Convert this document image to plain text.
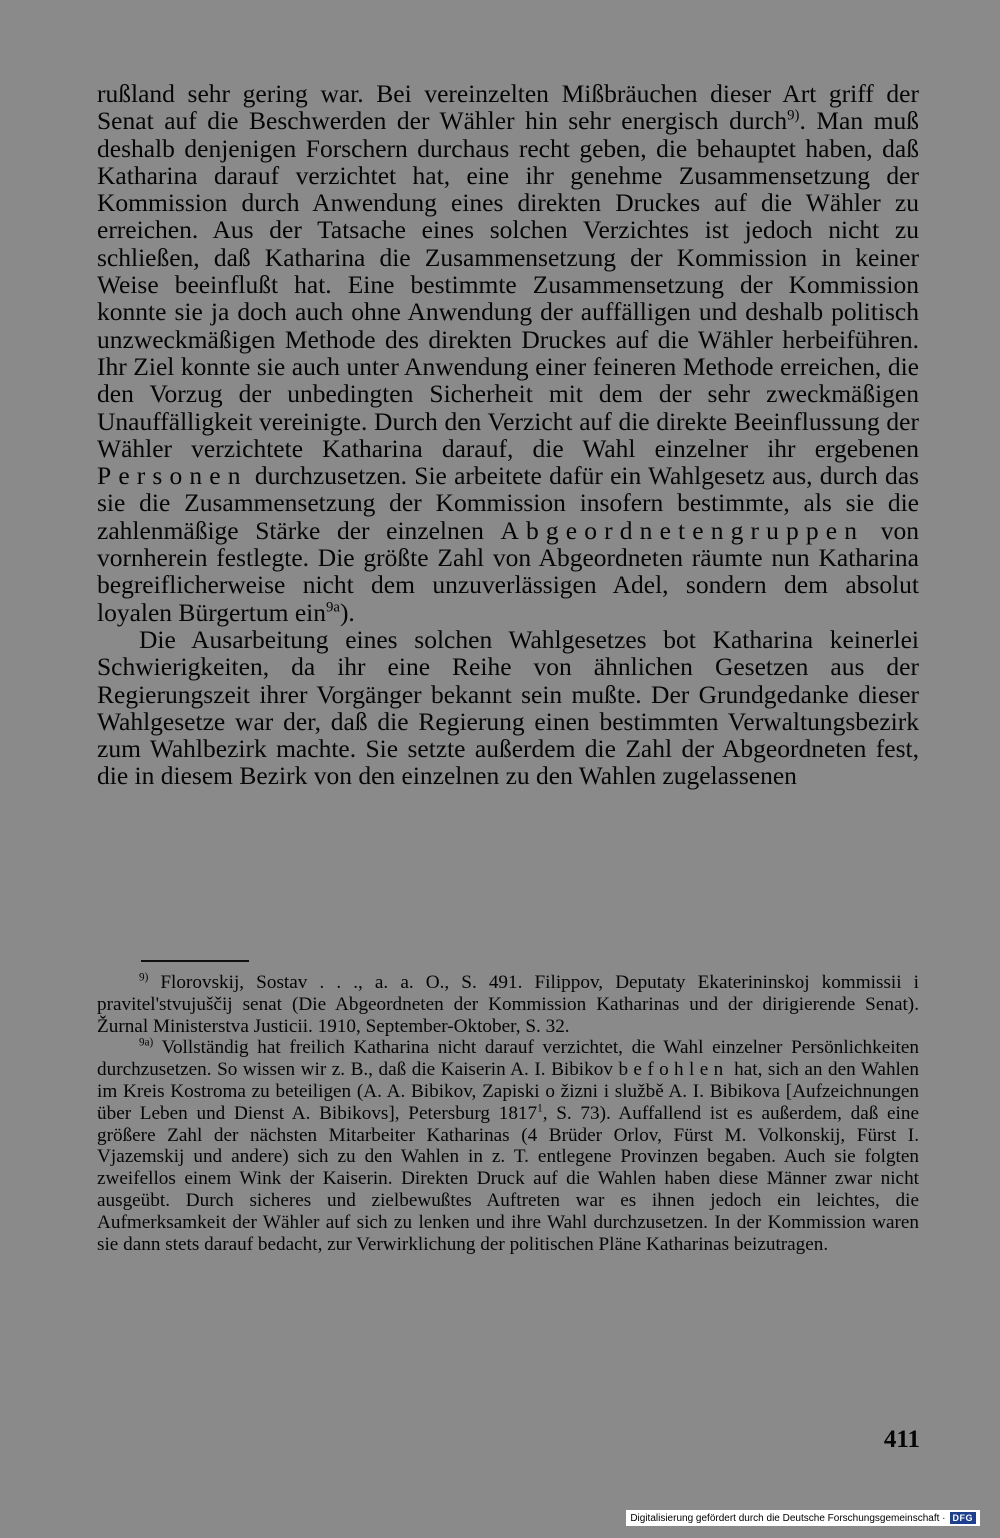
rußland sehr gering war. Bei vereinzelten Mißbräuchen dieser Art griff der Senat auf die Beschwerden der Wähler hin sehr energisch durch$^{9)}$. Man muß deshalb denjenigen Forschern durchaus recht geben, die behauptet haben, daß Katharina darauf verzichtet hat, eine ihr genehme Zusammensetzung der Kommission durch Anwendung eines direkten Druckes auf die Wähler zu erreichen. Aus der Tatsache eines solchen Verzichtes ist jedoch nicht zu schließen, daß Katharina die Zusammensetzung der Kommission in keiner Weise beeinflußt hat. Eine bestimmte Zusammensetzung der Kommission konnte sie ja doch auch ohne Anwendung der auffälligen und deshalb politisch unzweckmäßigen Methode des direkten Druckes auf die Wähler herbeiführen. Ihr Ziel konnte sie auch unter Anwendung einer feineren Methode erreichen, die den Vorzug der unbedingten Sicherheit mit dem der sehr zweckmäßigen Unauffälligkeit vereinigte. Durch den Verzicht auf die direkte Beeinflussung der Wähler verzichtete Katharina darauf, die Wahl einzelner ihr ergebenen Personen durchzusetzen. Sie arbeitete dafür ein Wahlgesetz aus, durch das sie die Zusammensetzung der Kommission insofern bestimmte, als sie die zahlenmäßige Stärke der einzelnen Abgeordnetengruppen von vornherein festlegte. Die größte Zahl von Abgeordneten räumte nun Katharina begreiflicherweise nicht dem unzuverlässigen Adel, sondern dem absolut loyalen Bürgertum ein$^{9a}$).

Die Ausarbeitung eines solchen Wahlgesetzes bot Katharina keinerlei Schwierigkeiten, da ihr eine Reihe von ähnlichen Gesetzen aus der Regierungszeit ihrer Vorgänger bekannt sein mußte. Der Grundgedanke dieser Wahlgesetze war der, daß die Regierung einen bestimmten Verwaltungsbezirk zum Wahlbezirk machte. Sie setzte außerdem die Zahl der Abgeordneten fest, die in diesem Bezirk von den einzelnen zu den Wahlen zugelassenen

$^{9)}$ Florovskij, Sostav . . ., a. a. O., S. 491. Filippov, Deputaty Ekaterininskoj kommissii i pravitel'stvujuščij senat (Die Abgeordneten der Kommission Katharinas und der dirigierende Senat). Žurnal Ministerstva Justicii. 1910, September-Oktober, S. 32.

$^{9a)}$ Vollständig hat freilich Katharina nicht darauf verzichtet, die Wahl einzelner Persönlichkeiten durchzusetzen. So wissen wir z. B., daß die Kaiserin A. I. Bibikov befohlen hat, sich an den Wahlen im Kreis Kostroma zu beteiligen (A. A. Bibikov, Zapiski o žizni i službě A. I. Bibikova [Aufzeichnungen über Leben und Dienst A. Bibikovs], Petersburg 1817$^1$, S. 73). Auffallend ist es außerdem, daß eine größere Zahl der nächsten Mitarbeiter Katharinas (4 Brüder Orlov, Fürst M. Volkonskij, Fürst I. Vjazemskij und andere) sich zu den Wahlen in z. T. entlegene Provinzen begaben. Auch sie folgten zweifellos einem Wink der Kaiserin. Direkten Druck auf die Wahlen haben diese Männer zwar nicht ausgeübt. Durch sicheres und zielbewußtes Auftreten war es ihnen jedoch ein leichtes, die Aufmerksamkeit der Wähler auf sich zu lenken und ihre Wahl durchzusetzen. In der Kommission waren sie dann stets darauf bedacht, zur Verwirklichung der politischen Pläne Katharinas beizutragen.

411
Digitalisierung gefördert durch die Deutsche Forschungsgemeinschaft · DFG
